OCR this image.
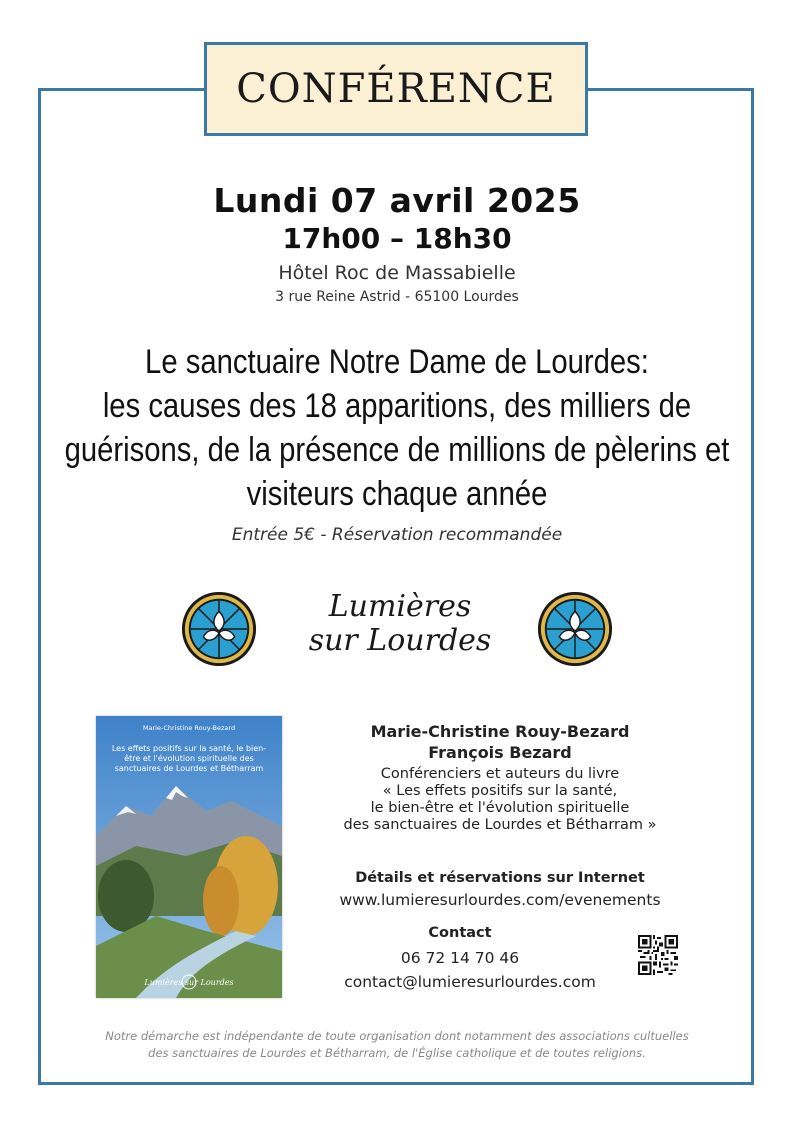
CONFÉRENCE
Lundi 07 avril 2025
17h00 – 18h30
Hôtel Roc de Massabielle
3 rue Reine Astrid - 65100 Lourdes
Le sanctuaire Notre Dame de Lourdes:
les causes des 18 apparitions, des milliers de
guérisons, de la présence de millions de pèlerins et
visiteurs chaque année
Entrée 5€ - Réservation recommandée
Lumières
sur Lourdes
Marie-Christine Rouy-Bezard
Les effets positifs sur la santé, le bien-être et l'évolution spirituelle des sanctuaires de Lourdes et Bétharram
Lumières sur Lourdes
Marie-Christine Rouy-Bezard
François Bezard
Conférenciers et auteurs du livre
« Les effets positifs sur la santé,
le bien-être et l'évolution spirituelle
des sanctuaires de Lourdes et Bétharram »
Détails et réservations sur Internet
www.lumieresurlourdes.com/evenements
Contact
06 72 14 70 46
contact@lumieresurlourdes.com
Notre démarche est indépendante de toute organisation dont notamment des associations cultuelles
des sanctuaires de Lourdes et Bétharram, de l'Église catholique et de toutes religions.
